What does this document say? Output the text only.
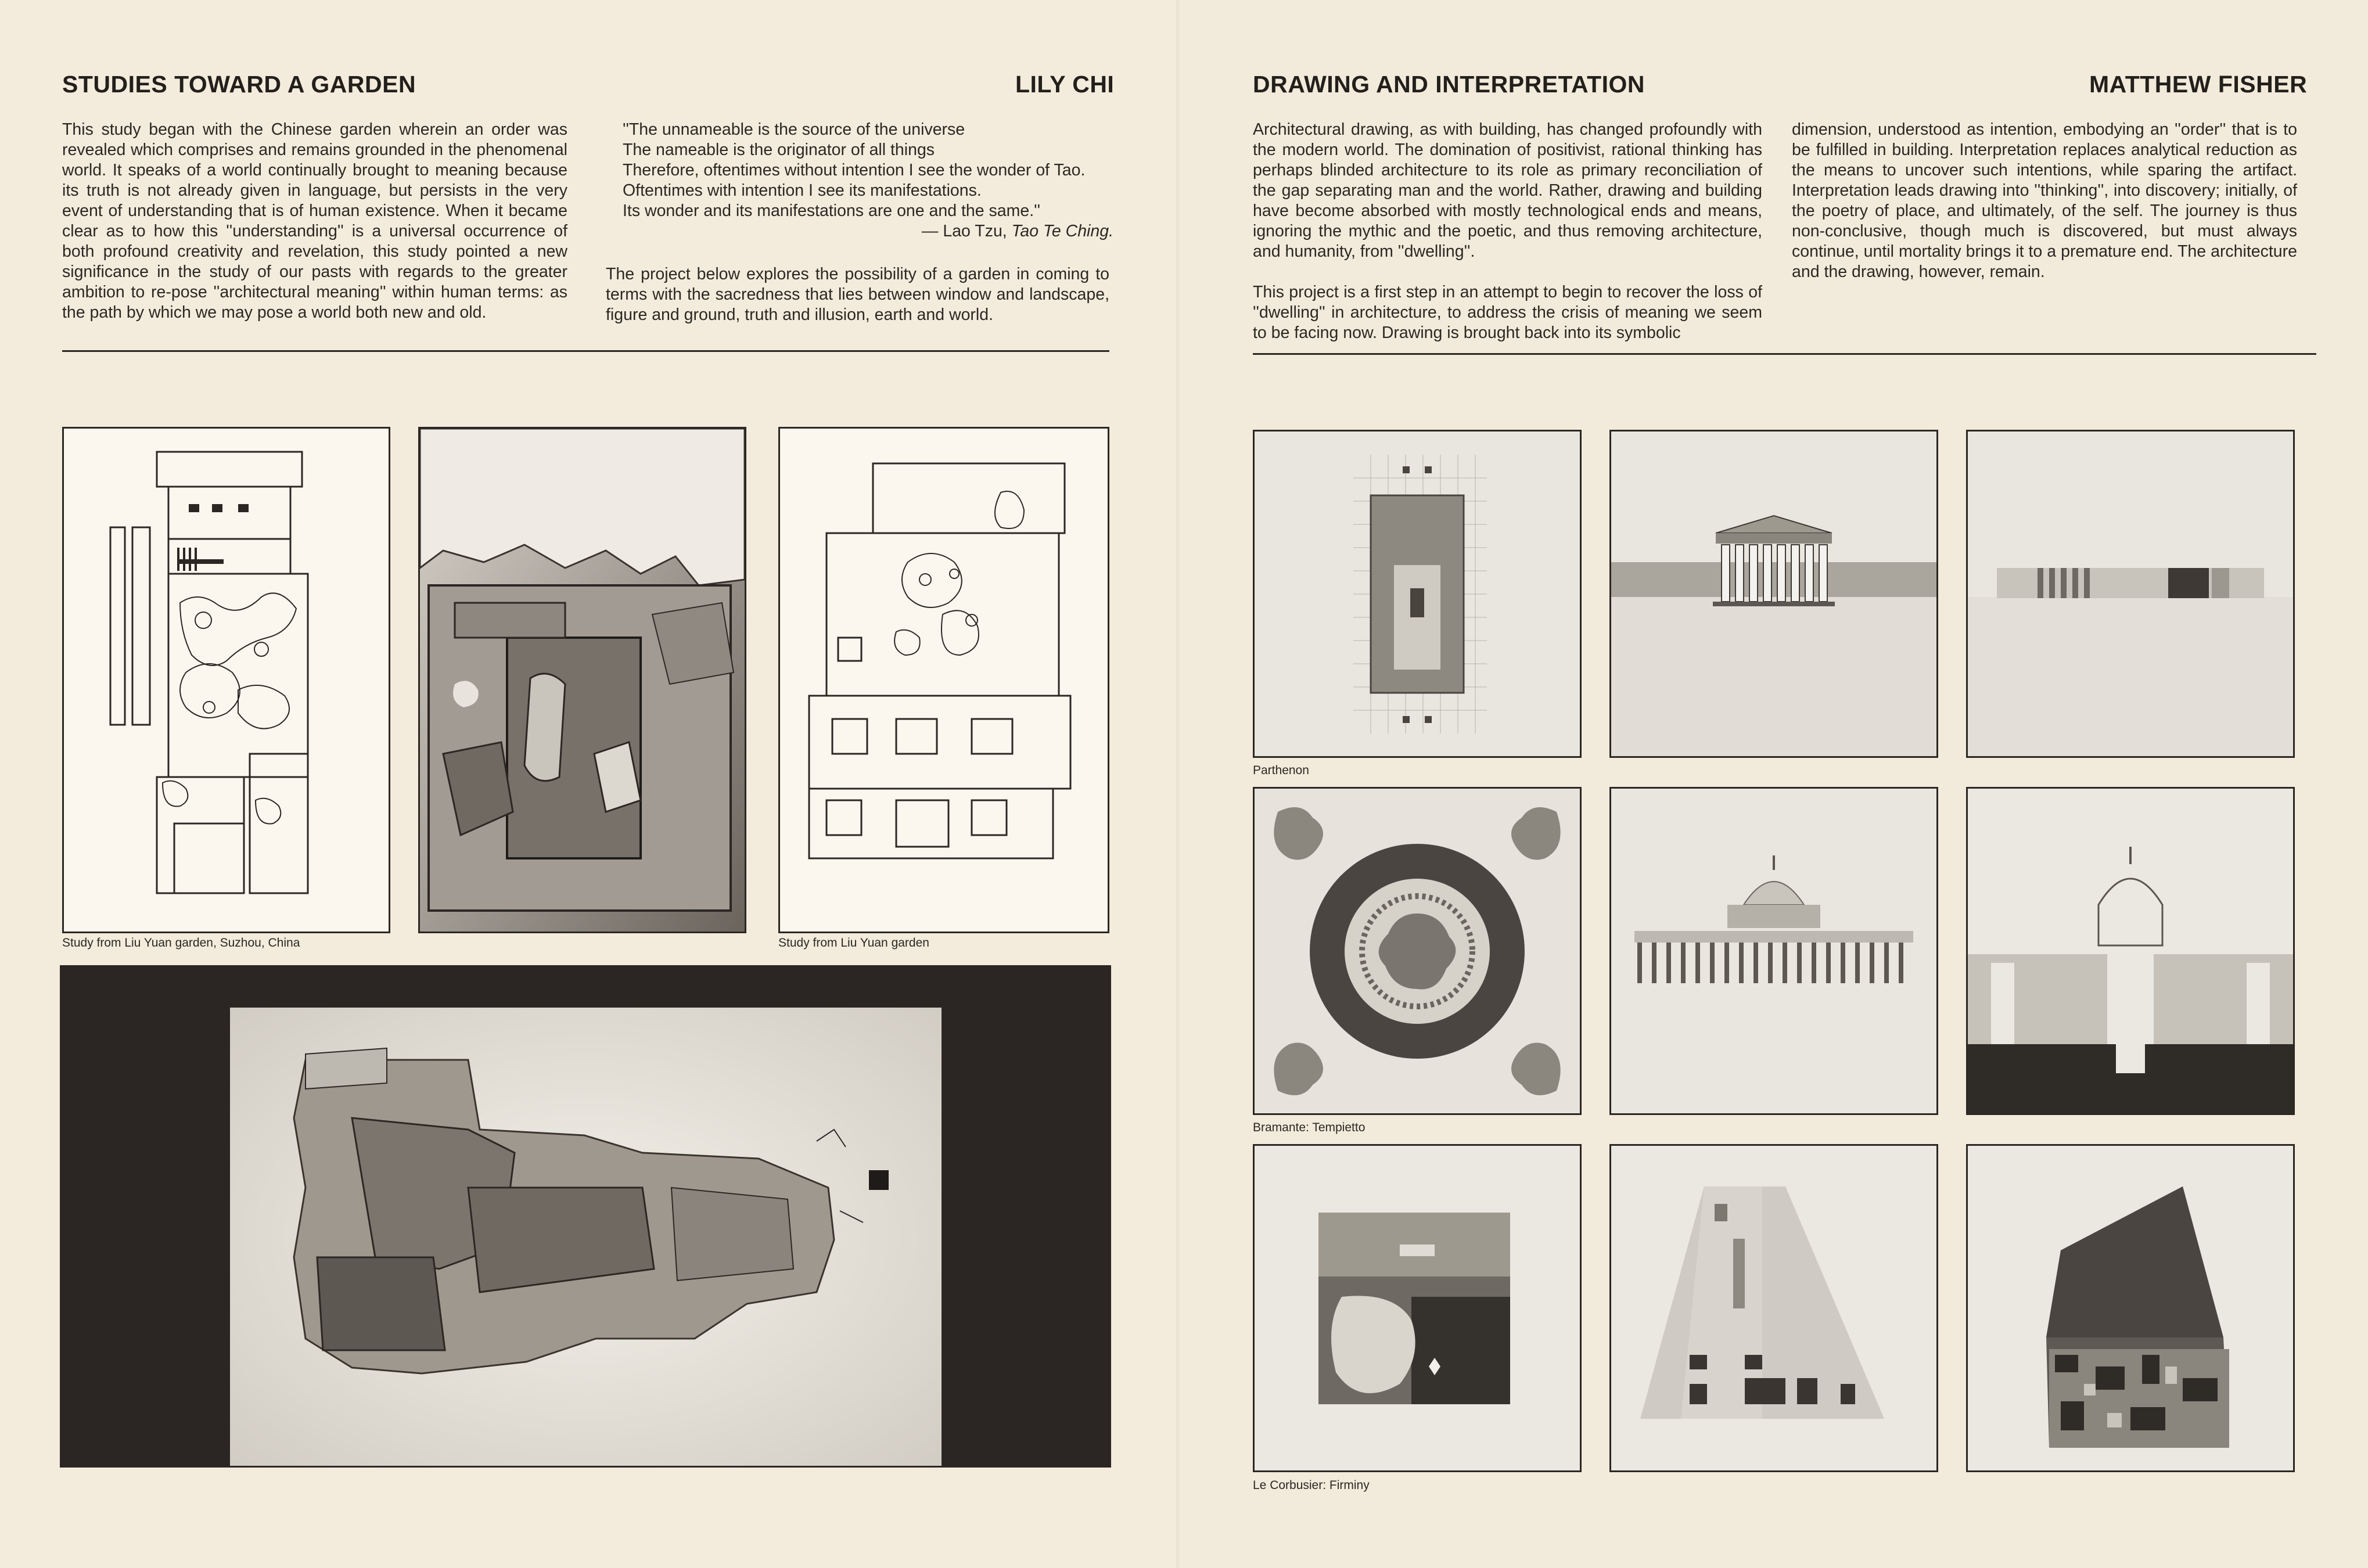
STUDIES TOWARD A GARDEN	LILY CHI

This study began with the Chinese garden wherein an order was revealed which comprises and remains grounded in the phenomenal world. It speaks of a world continually brought to meaning because its truth is not already given in language, but persists in the very event of understanding that is of human existence. When it became clear as to how this ''understanding'' is a universal occurrence of both profound creativity and revelation, this study pointed a new significance in the study of our pasts with regards to the greater ambition to re-pose ''architectural meaning'' within human terms: as the path by which we may pose a world both new and old.

''The unnameable is the source of the universe
The nameable is the originator of all things
Therefore, oftentimes without intention I see the wonder of Tao.
Oftentimes with intention I see its manifestations.
Its wonder and its manifestations are one and the same.''
— Lao Tzu, Tao Te Ching.
The project below explores the possibility of a garden in coming to terms with the sacredness that lies between window and landscape, figure and ground, truth and illusion, earth and world.
Study from Liu Yuan garden, Suzhou, China	Study from Liu Yuan garden
DRAWING AND INTERPRETATION	MATTHEW FISHER

Architectural drawing, as with building, has changed profoundly with the modern world. The domination of positivist, rational thinking has perhaps blinded architecture to its role as primary reconciliation of the gap separating man and the world. Rather, drawing and building have become absorbed with mostly technological ends and means, ignoring the mythic and the poetic, and thus removing architecture, and humanity, from ''dwelling''.

This project is a first step in an attempt to begin to recover the loss of ''dwelling'' in architecture, to address the crisis of meaning we seem to be facing now. Drawing is brought back into its symbolic

dimension, understood as intention, embodying an ''order'' that is to be fulfilled in building. Interpretation replaces analytical reduction as the means to uncover such intentions, while sparing the artifact. Interpretation leads drawing into ''thinking'', into discovery; initially, of the poetry of place, and ultimately, of the self. The journey is thus non-conclusive, though much is discovered, but must always continue, until mortality brings it to a premature end. The architecture and the drawing, however, remain.

Parthenon
Bramante: Tempietto
Le Corbusier: Firminy
